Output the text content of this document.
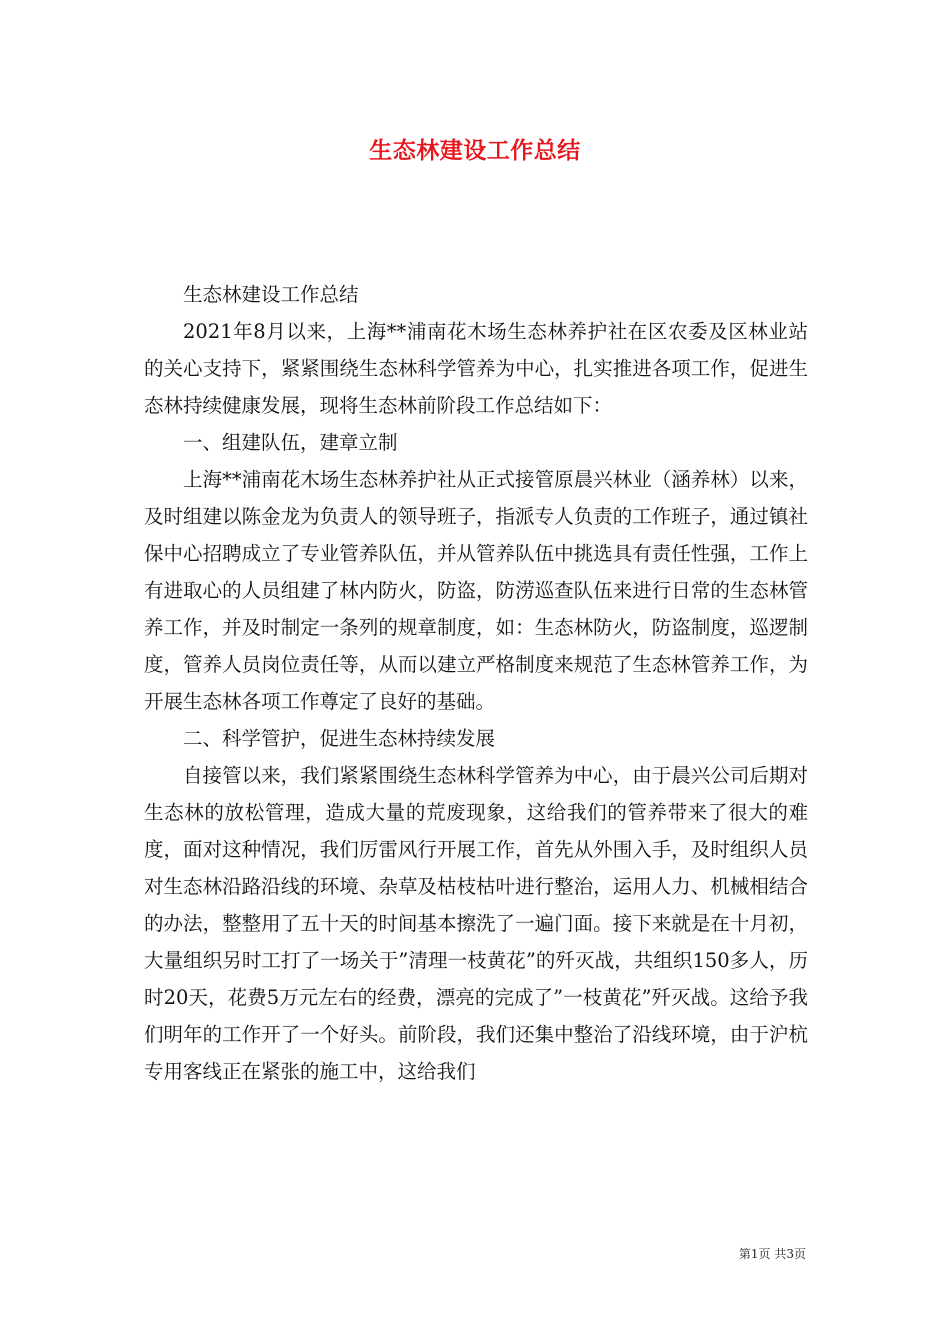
生态林建设工作总结

生态林建设工作总结

2021年8月以来，上海**浦南花木场生态林养护社在区农委及区林业站的关心支持下，紧紧围绕生态林科学管养为中心，扎实推进各项工作，促进生态林持续健康发展，现将生态林前阶段工作总结如下：

一、组建队伍，建章立制

上海**浦南花木场生态林养护社从正式接管原晨兴林业（涵养林）以来，及时组建以陈金龙为负责人的领导班子，指派专人负责的工作班子，通过镇社保中心招聘成立了专业管养队伍，并从管养队伍中挑选具有责任性强，工作上有进取心的人员组建了林内防火，防盗，防涝巡查队伍来进行日常的生态林管养工作，并及时制定一条列的规章制度，如：生态林防火，防盗制度，巡逻制度，管养人员岗位责任等，从而以建立严格制度来规范了生态林管养工作，为开展生态林各项工作尊定了良好的基础。

二、科学管护，促进生态林持续发展

自接管以来，我们紧紧围绕生态林科学管养为中心，由于晨兴公司后期对生态林的放松管理，造成大量的荒废现象，这给我们的管养带来了很大的难度，面对这种情况，我们厉雷风行开展工作，首先从外围入手，及时组织人员对生态林沿路沿线的环境、杂草及枯枝枯叶进行整治，运用人力、机械相结合的办法，整整用了五十天的时间基本擦洗了一遍门面。接下来就是在十月初，大量组织另时工打了一场关于”清理一枝黄花”的歼灭战，共组织150多人，历时20天，花费5万元左右的经费，漂亮的完成了”一枝黄花”歼灭战。这给予我们明年的工作开了一个好头。前阶段，我们还集中整治了沿线环境，由于沪杭专用客线正在紧张的施工中，这给我们

第1页 共3页
